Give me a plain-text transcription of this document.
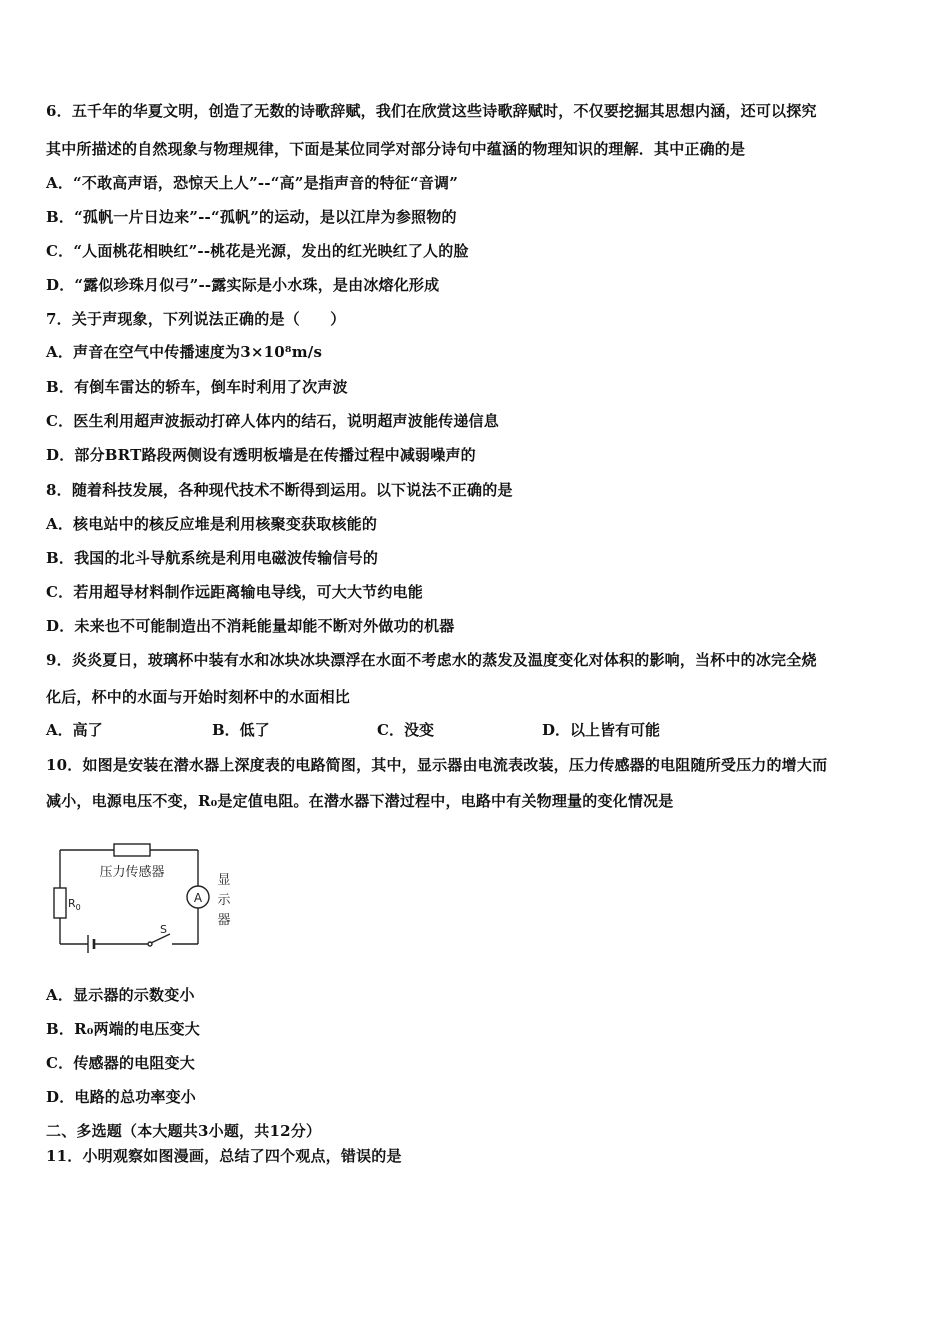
6．五千年的华夏文明，创造了无数的诗歌辞赋，我们在欣赏这些诗歌辞赋时，不仅要挖掘其思想内涵，还可以探究
其中所描述的自然现象与物理规律，下面是某位同学对部分诗句中蕴涵的物理知识的理解．其中正确的是
A．“不敢高声语，恐惊天上人”--“高”是指声音的特征“音调”
B．“孤帆一片日边来”--“孤帆”的运动，是以江岸为参照物的
C．“人面桃花相映红”--桃花是光源，发出的红光映红了人的脸
D．“露似珍珠月似弓”--露实际是小水珠，是由冰熔化形成
7．关于声现象，下列说法正确的是（　　）
A．声音在空气中传播速度为3×10⁸m/s
B．有倒车雷达的轿车，倒车时利用了次声波
C．医生利用超声波振动打碎人体内的结石，说明超声波能传递信息
D．部分BRT路段两侧设有透明板墙是在传播过程中减弱噪声的
8．随着科技发展，各种现代技术不断得到运用。以下说法不正确的是
A．核电站中的核反应堆是利用核聚变获取核能的
B．我国的北斗导航系统是利用电磁波传输信号的
C．若用超导材料制作远距离输电导线，可大大节约电能
D．未来也不可能制造出不消耗能量却能不断对外做功的机器
9．炎炎夏日，玻璃杯中装有水和冰块冰块漂浮在水面不考虑水的蒸发及温度变化对体积的影响，当杯中的冰完全烧
化后，杯中的水面与开始时刻杯中的水面相比
A．高了	B．低了	C．没变	D．以上皆有可能
10．如图是安装在潜水器上深度表的电路简图，其中，显示器由电流表改装，压力传感器的电阻随所受压力的增大而
减小，电源电压不变，R₀是定值电阻。在潜水器下潜过程中，电路中有关物理量的变化情况是
压力传感器
$R_0$
A
S
显
示
器
A．显示器的示数变小
B．R₀两端的电压变大
C．传感器的电阻变大
D．电路的总功率变小
二、多选题（本大题共3小题，共12分）
11．小明观察如图漫画，总结了四个观点，错误的是
